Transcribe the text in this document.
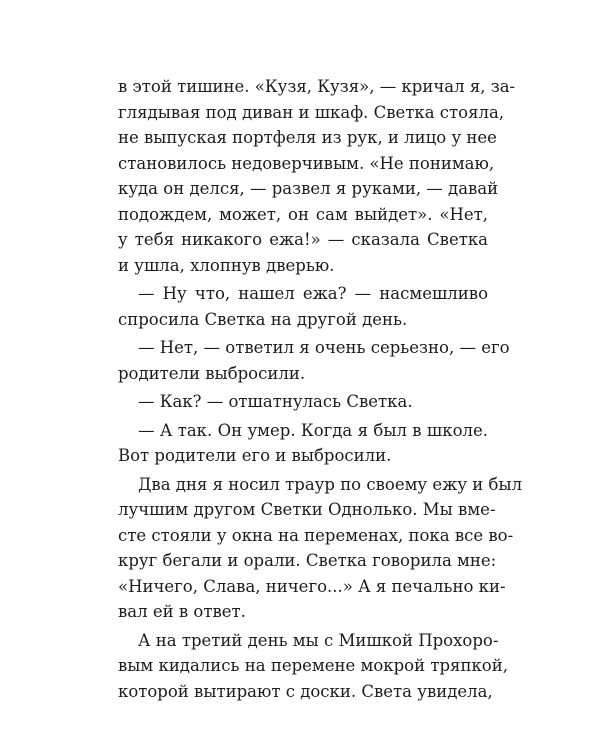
в этой тишине. «Кузя, Кузя», — кричал я, за-
глядывая под диван и шкаф. Светка стояла,
не выпуская портфеля из рук, и лицо у нее
становилось недоверчивым. «Не понимаю,
куда он делся, — развел я руками, — давай
подождем, может, он сам выйдет». «Нет,
у тебя никакого ежа!» — сказала Светка
и ушла, хлопнув дверью.
— Ну что, нашел ежа? — насмешливо
спросила Светка на другой день.
— Нет, — ответил я очень серьезно, — его
родители выбросили.
— Как? — отшатнулась Светка.
— А так. Он умер. Когда я был в школе.
Вот родители его и выбросили.
Два дня я носил траур по своему ежу и был
лучшим другом Светки Однолько. Мы вме-
сте стояли у окна на переменах, пока все во-
круг бегали и орали. Светка говорила мне:
«Ничего, Слава, ничего...» А я печально ки-
вал ей в ответ.
А на третий день мы с Мишкой Прохоро-
вым кидались на перемене мокрой тряпкой,
которой вытирают с доски. Света увидела,
